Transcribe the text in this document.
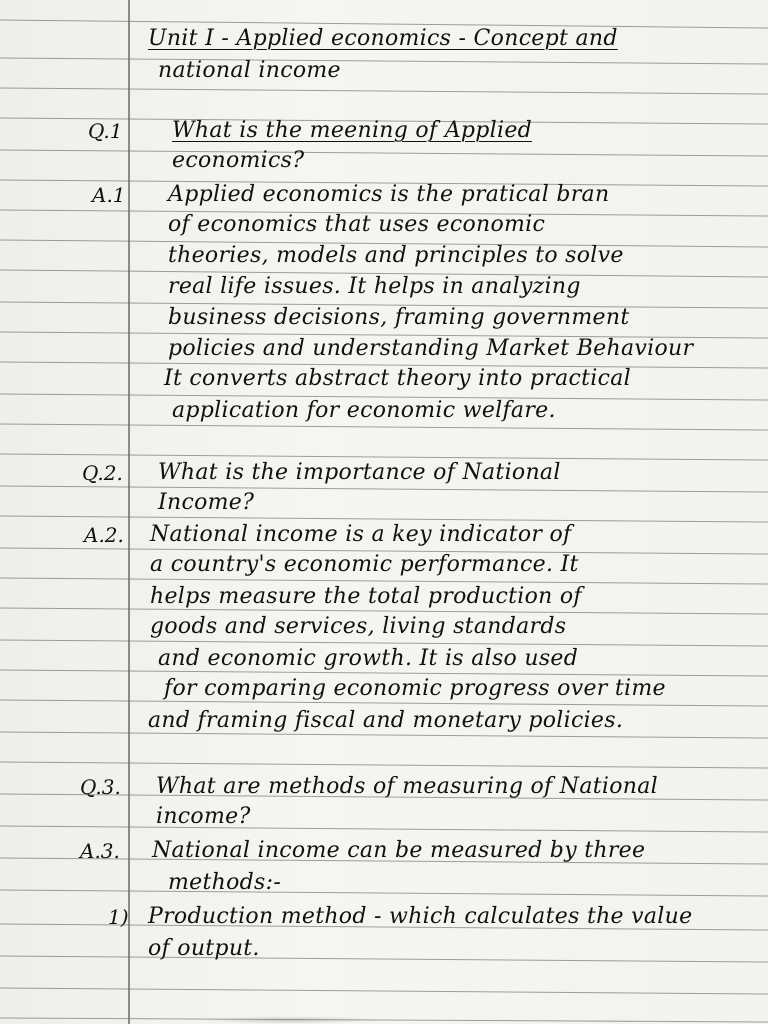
Unit I - Applied economics - Concept and
national income
Q.1 What is the meening of Applied
economics?
A.1 Applied economics is the pratical bran
of economics that uses economic
theories, models and principles to solve
real life issues. It helps in analyzing
business decisions, framing government
policies and understanding Market Behaviour
It converts abstract theory into practical
application for economic welfare.
Q.2. What is the importance of National
Income?
A.2. National income is a key indicator of
a country's economic performance. It
helps measure the total production of
goods and services, living standards
and economic growth. It is also used
for comparing economic progress over time
and framing fiscal and monetary policies.
Q.3. What are methods of measuring of National
income?
A.3. National income can be measured by three
methods:-
1) Production method - which calculates the value
of output.
